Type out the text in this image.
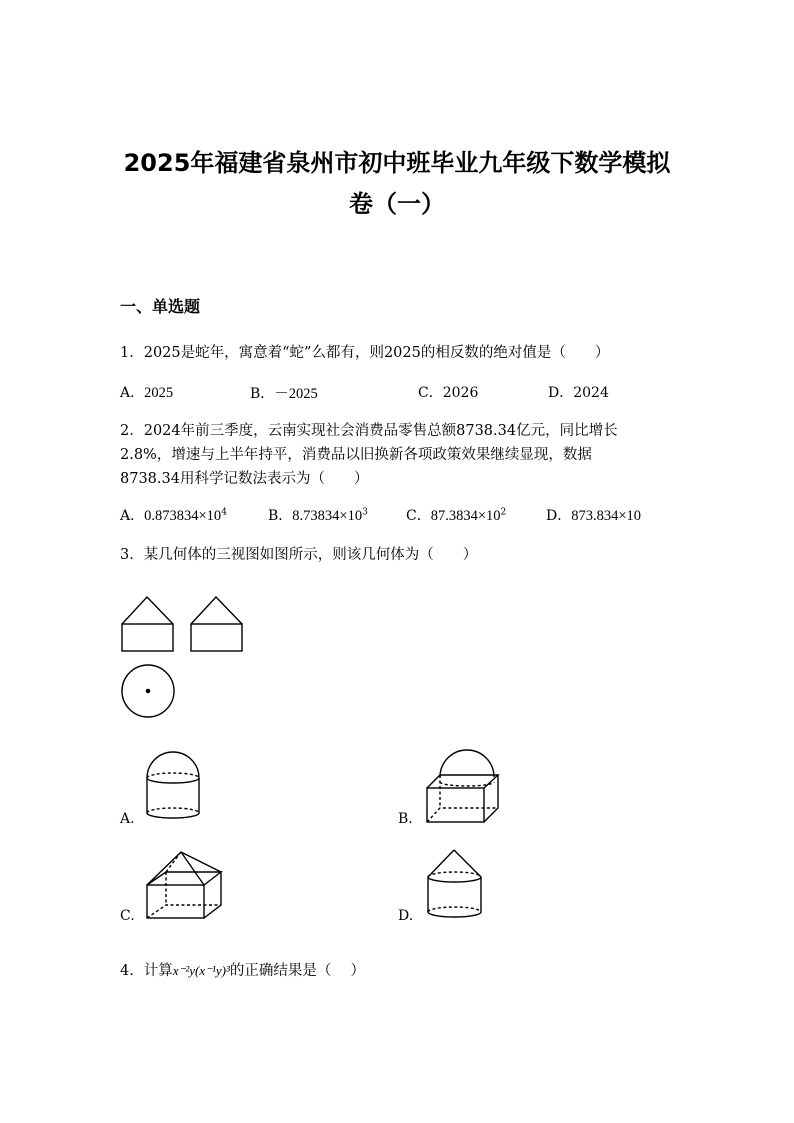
2025年福建省泉州市初中班毕业九年级下数学模拟
卷（一）
一、单选题
1．2025是蛇年，寓意着“蛇”么都有，则2025的相反数的绝对值是（　　）
A．2025	B．－2025	C．2026	D．2024
2．2024年前三季度，云南实现社会消费品零售总额8738.34亿元，同比增长
2.8%，增速与上半年持平，消费品以旧换新各项政策效果继续显现，数据
8738.34用科学记数法表示为（　　）
A．$0.873834\times 10^4$	B．$8.73834\times 10^3$	C．$87.3834\times 10^2$	D．873.834×10
3．某几何体的三视图如图所示，则该几何体为（　　）
A.	B.
C.	D.
4．计算x⁻²y(x⁻¹y)³的正确结果是（　 ）
